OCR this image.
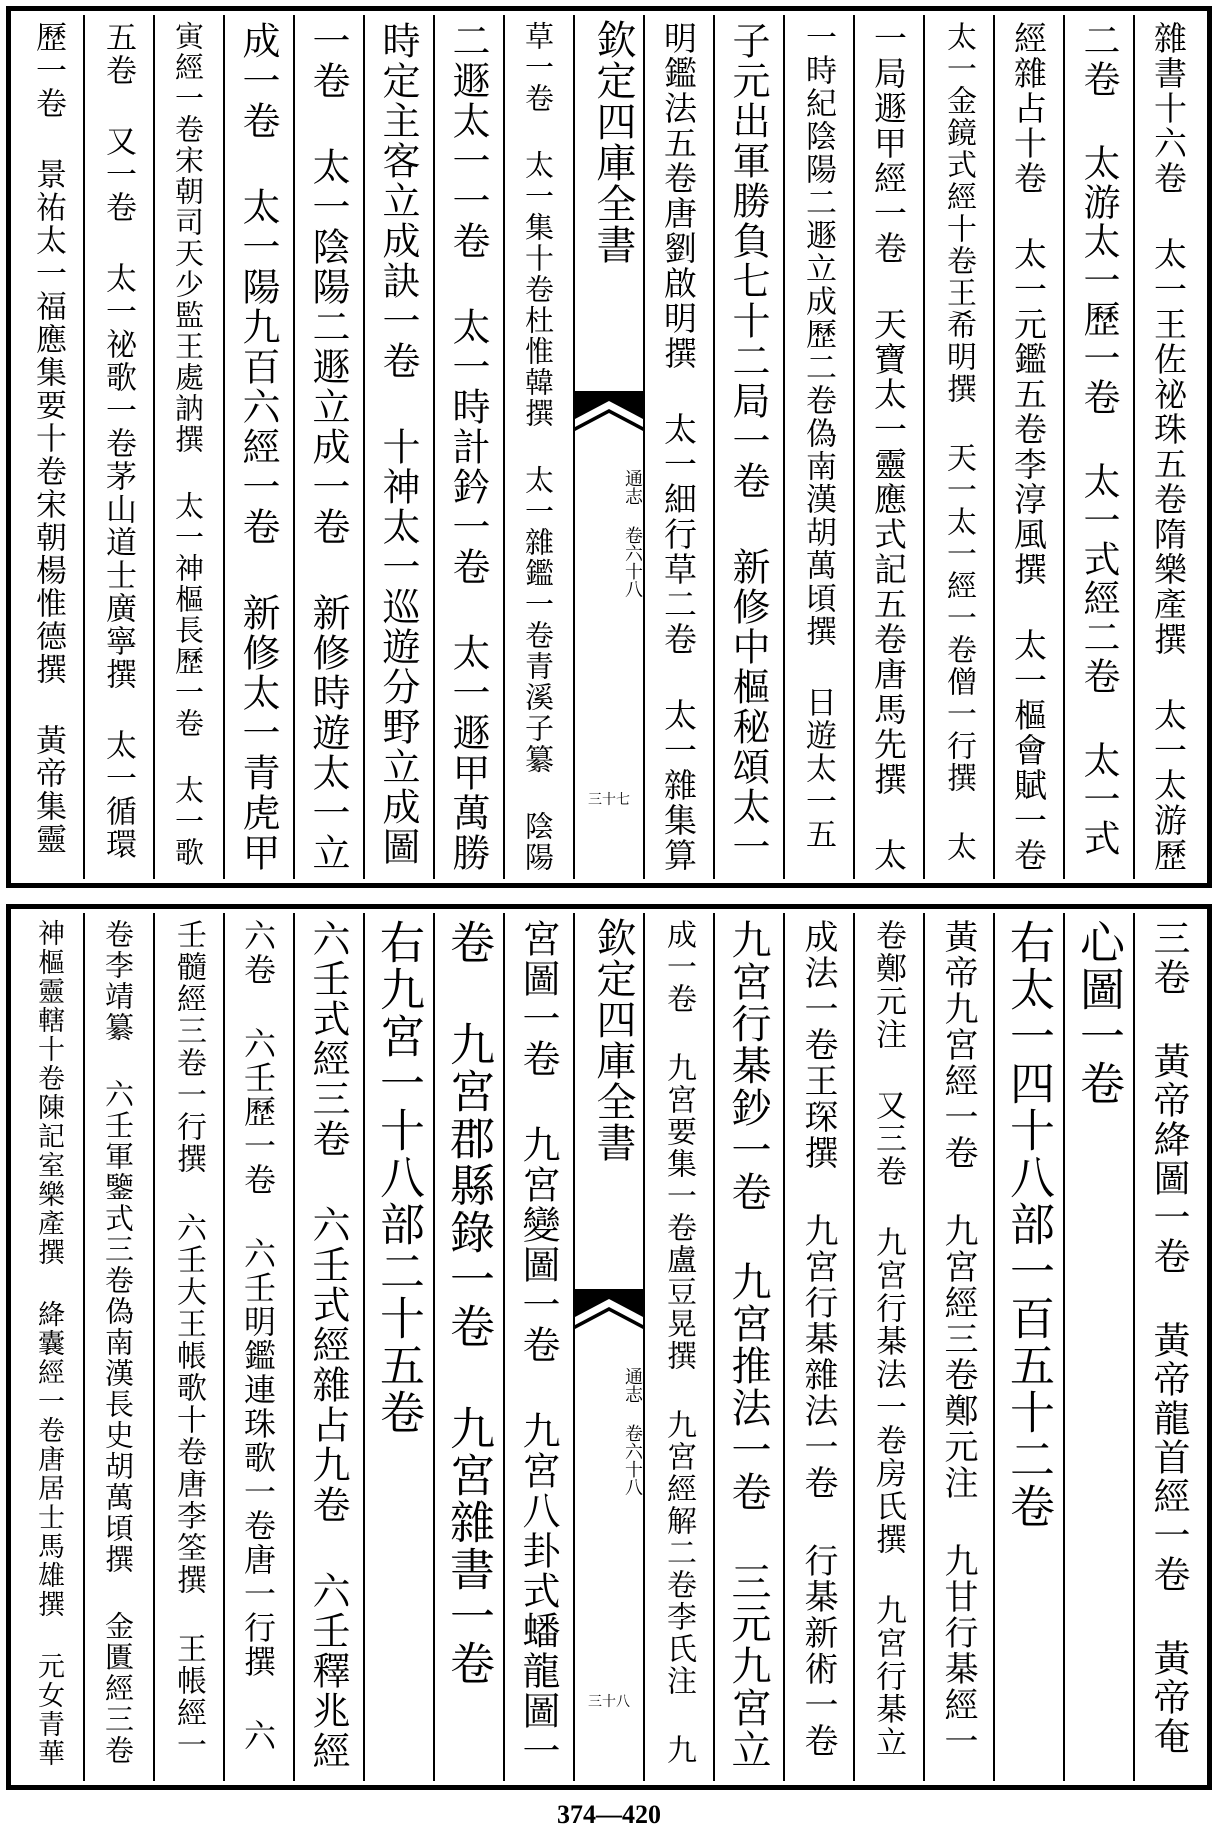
雜書十六卷 太一王佐祕珠五卷隋樂產撰 太一太游歷
二卷 太游太一歷一卷 太一式經二卷 太一式
經雜占十卷 太一元鑑五卷李淳風撰 太一樞會賦一卷
太一金鏡式經十卷王希明撰 天一太一經一卷僧一行撰 太
一局遯甲經一卷 天寶太一靈應式記五卷唐馬先撰 太
一時紀陰陽二遯立成歷二卷偽南漢胡萬頃撰 日遊太一五
子元出軍勝負七十二局一卷 新修中樞秘頌太一
明鑑法五卷唐劉啟明撰 太一細行草二卷 太一雜集算
欽定四庫全書
通志 卷六十八
三十七
草一卷 太一集十卷杜惟韓撰 太一雜鑑一卷青溪子纂 陰陽
二遯太一一卷 太一時計鈐一卷 太一遯甲萬勝
時定主客立成訣一卷 十神太一巡遊分野立成圖
一卷 太一陰陽二遯立成一卷 新修時遊太一立
成一卷 太一陽九百六經一卷 新修太一青虎甲
寅經一卷宋朝司天少監王處訥撰 太一神樞長歷一卷 太一歌
五卷 又一卷 太一祕歌一卷茅山道士廣寧撰 太一循環
歷一卷 景祐太一福應集要十卷宋朝楊惟德撰 黃帝集靈
三卷 黃帝絳圖一卷 黃帝龍首經一卷 黃帝奄
心圖一卷
右太一四十八部一百五十二卷
黃帝九宮經一卷 九宮經三卷鄭元注 九甘行棊經一
卷鄭元注 又三卷 九宮行棊法一卷房氏撰 九宮行棊立
成法一卷王琛撰 九宮行棊雜法一卷 行棊新術一卷
九宮行棊鈔一卷 九宮推法一卷 三元九宮立
成一卷 九宮要集一卷盧豆晃撰 九宮經解二卷李氏注 九
欽定四庫全書
通志 卷六十八
三十八
宮圖一卷 九宮變圖一卷 九宮八卦式蟠龍圖一
卷 九宮郡縣錄一卷 九宮雜書一卷
右九宮一十八部二十五卷
六壬式經三卷 六壬式經雜占九卷 六壬釋兆經
六卷 六壬歷一卷 六壬明鑑連珠歌一卷唐一行撰 六
壬髓經三卷一行撰 六壬大王帳歌十卷唐李筌撰 王帳經一
卷李靖纂 六壬軍鑒式三卷偽南漢長史胡萬頃撰 金匱經三卷
神樞靈轄十卷陳記室樂產撰 絳囊經一卷唐居士馬雄撰 元女青華
374—420
